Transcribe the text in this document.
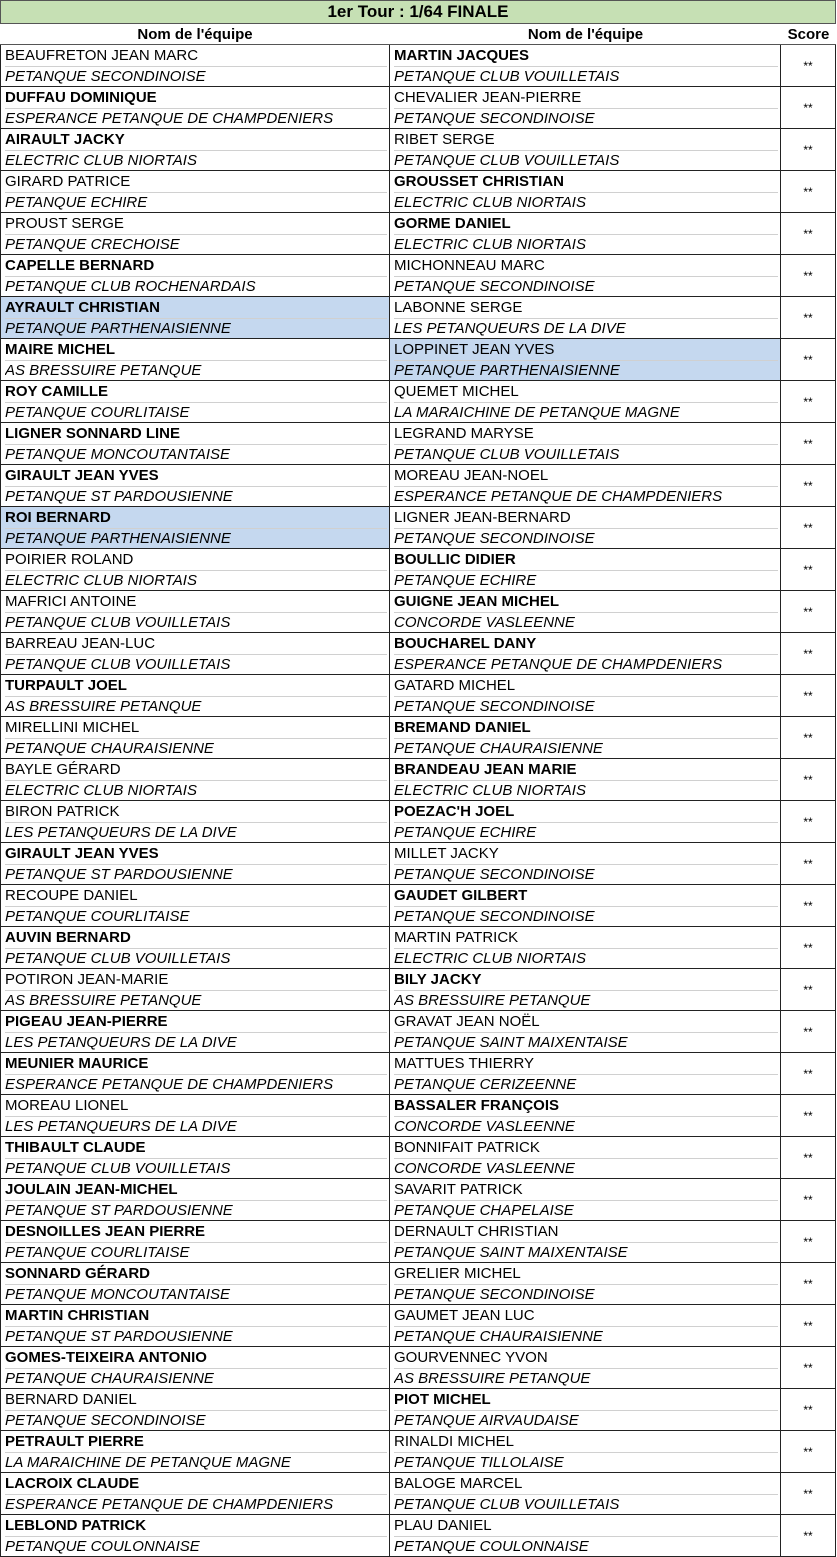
1er Tour : 1/64 FINALE
Nom de l'équipe	Nom de l'équipe	Score
BEAUFRETON JEAN MARC
PETANQUE SECONDINOISE
MARTIN JACQUES
PETANQUE CLUB VOUILLETAIS
**
DUFFAU DOMINIQUE
ESPERANCE PETANQUE DE CHAMPDENIERS
CHEVALIER JEAN-PIERRE
PETANQUE SECONDINOISE
**
AIRAULT JACKY
ELECTRIC CLUB NIORTAIS
RIBET SERGE
PETANQUE CLUB VOUILLETAIS
**
GIRARD PATRICE
PETANQUE ECHIRE
GROUSSET CHRISTIAN
ELECTRIC CLUB NIORTAIS
**
PROUST SERGE
PETANQUE CRECHOISE
GORME DANIEL
ELECTRIC CLUB NIORTAIS
**
CAPELLE BERNARD
PETANQUE CLUB ROCHENARDAIS
MICHONNEAU MARC
PETANQUE SECONDINOISE
**
AYRAULT CHRISTIAN
PETANQUE PARTHENAISIENNE
LABONNE SERGE
LES PETANQUEURS DE LA DIVE
**
MAIRE MICHEL
AS BRESSUIRE PETANQUE
LOPPINET JEAN YVES
PETANQUE PARTHENAISIENNE
**
ROY CAMILLE
PETANQUE COURLITAISE
QUEMET MICHEL
LA MARAICHINE DE PETANQUE MAGNE
**
LIGNER SONNARD LINE
PETANQUE MONCOUTANTAISE
LEGRAND MARYSE
PETANQUE CLUB VOUILLETAIS
**
GIRAULT JEAN YVES
PETANQUE ST PARDOUSIENNE
MOREAU JEAN-NOEL
ESPERANCE PETANQUE DE CHAMPDENIERS
**
ROI BERNARD
PETANQUE PARTHENAISIENNE
LIGNER JEAN-BERNARD
PETANQUE SECONDINOISE
**
POIRIER ROLAND
ELECTRIC CLUB NIORTAIS
BOULLIC DIDIER
PETANQUE ECHIRE
**
MAFRICI ANTOINE
PETANQUE CLUB VOUILLETAIS
GUIGNE JEAN MICHEL
CONCORDE VASLEENNE
**
BARREAU JEAN-LUC
PETANQUE CLUB VOUILLETAIS
BOUCHAREL DANY
ESPERANCE PETANQUE DE CHAMPDENIERS
**
TURPAULT JOEL
AS BRESSUIRE PETANQUE
GATARD MICHEL
PETANQUE SECONDINOISE
**
MIRELLINI MICHEL
PETANQUE CHAURAISIENNE
BREMAND DANIEL
PETANQUE CHAURAISIENNE
**
BAYLE GÉRARD
ELECTRIC CLUB NIORTAIS
BRANDEAU JEAN MARIE
ELECTRIC CLUB NIORTAIS
**
BIRON PATRICK
LES PETANQUEURS DE LA DIVE
POEZAC'H JOEL
PETANQUE ECHIRE
**
GIRAULT JEAN YVES
PETANQUE ST PARDOUSIENNE
MILLET JACKY
PETANQUE SECONDINOISE
**
RECOUPE DANIEL
PETANQUE COURLITAISE
GAUDET GILBERT
PETANQUE SECONDINOISE
**
AUVIN BERNARD
PETANQUE CLUB VOUILLETAIS
MARTIN PATRICK
ELECTRIC CLUB NIORTAIS
**
POTIRON JEAN-MARIE
AS BRESSUIRE PETANQUE
BILY JACKY
AS BRESSUIRE PETANQUE
**
PIGEAU JEAN-PIERRE
LES PETANQUEURS DE LA DIVE
GRAVAT JEAN NOËL
PETANQUE SAINT MAIXENTAISE
**
MEUNIER MAURICE
ESPERANCE PETANQUE DE CHAMPDENIERS
MATTUES THIERRY
PETANQUE CERIZEENNE
**
MOREAU LIONEL
LES PETANQUEURS DE LA DIVE
BASSALER FRANÇOIS
CONCORDE VASLEENNE
**
THIBAULT CLAUDE
PETANQUE CLUB VOUILLETAIS
BONNIFAIT PATRICK
CONCORDE VASLEENNE
**
JOULAIN JEAN-MICHEL
PETANQUE ST PARDOUSIENNE
SAVARIT PATRICK
PETANQUE CHAPELAISE
**
DESNOILLES JEAN PIERRE
PETANQUE COURLITAISE
DERNAULT CHRISTIAN
PETANQUE SAINT MAIXENTAISE
**
SONNARD GÉRARD
PETANQUE MONCOUTANTAISE
GRELIER MICHEL
PETANQUE SECONDINOISE
**
MARTIN CHRISTIAN
PETANQUE ST PARDOUSIENNE
GAUMET JEAN LUC
PETANQUE CHAURAISIENNE
**
GOMES-TEIXEIRA ANTONIO
PETANQUE CHAURAISIENNE
GOURVENNEC YVON
AS BRESSUIRE PETANQUE
**
BERNARD DANIEL
PETANQUE SECONDINOISE
PIOT MICHEL
PETANQUE AIRVAUDAISE
**
PETRAULT PIERRE
LA MARAICHINE DE PETANQUE MAGNE
RINALDI MICHEL
PETANQUE TILLOLAISE
**
LACROIX CLAUDE
ESPERANCE PETANQUE DE CHAMPDENIERS
BALOGE MARCEL
PETANQUE CLUB VOUILLETAIS
**
LEBLOND PATRICK
PETANQUE COULONNAISE
PLAU DANIEL
PETANQUE COULONNAISE
**
